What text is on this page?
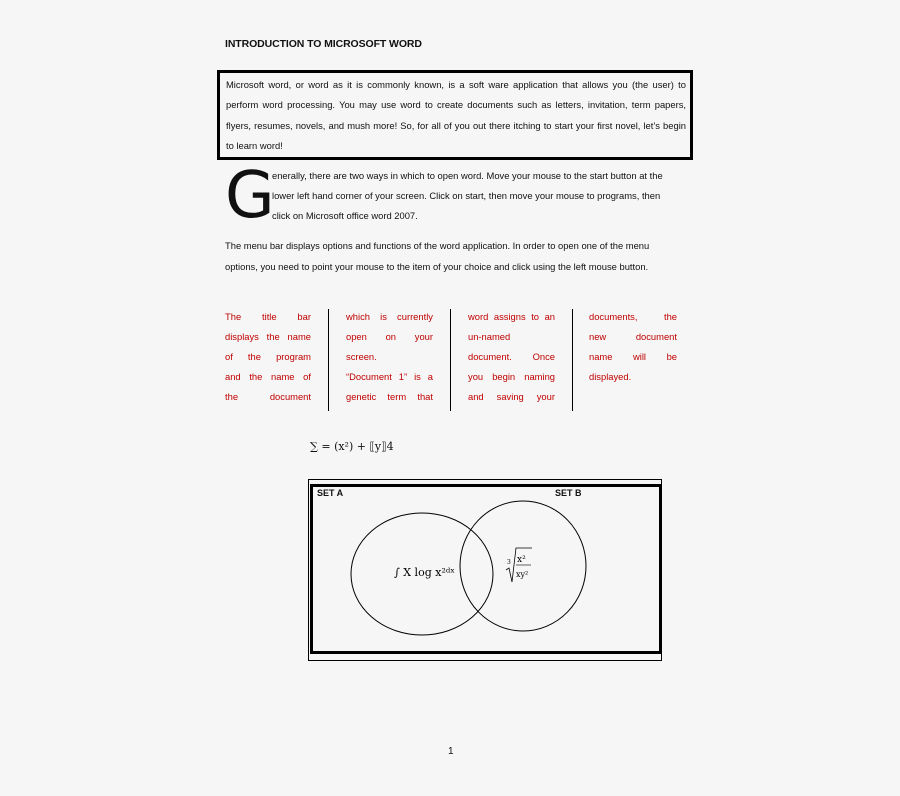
INTRODUCTION TO MICROSOFT WORD

Microsoft word, or word as it is commonly known, is a soft ware application that allows you (the user) to perform word processing. You may use word to create documents such as letters, invitation, term papers, flyers, resumes, novels, and mush more! So, for all of you out there itching to start your first novel, let’s begin to learn word!

G

enerally, there are two ways in which to open word. Move your mouse to the start button at the lower left hand corner of your screen. Click on start, then move your mouse to programs, then click on Microsoft office word 2007.

The menu bar displays options and functions of the word application. In order to open one of the menu options, you need to point your mouse to the item of your choice and click using the left mouse button.

The title bar
displays the name
of the program
and the name of
the document
which is currently
open on your
screen.
“Document 1” is a
genetic term that
word assigns to an
un-named
document. Once
you begin naming
and saving your
documents, the
new document
name will be
displayed.
∑ = (x²) + ⟦y⟧4
∫ X log x²ᵈˣ
3 x²
xy²
SET A	SET B
1
